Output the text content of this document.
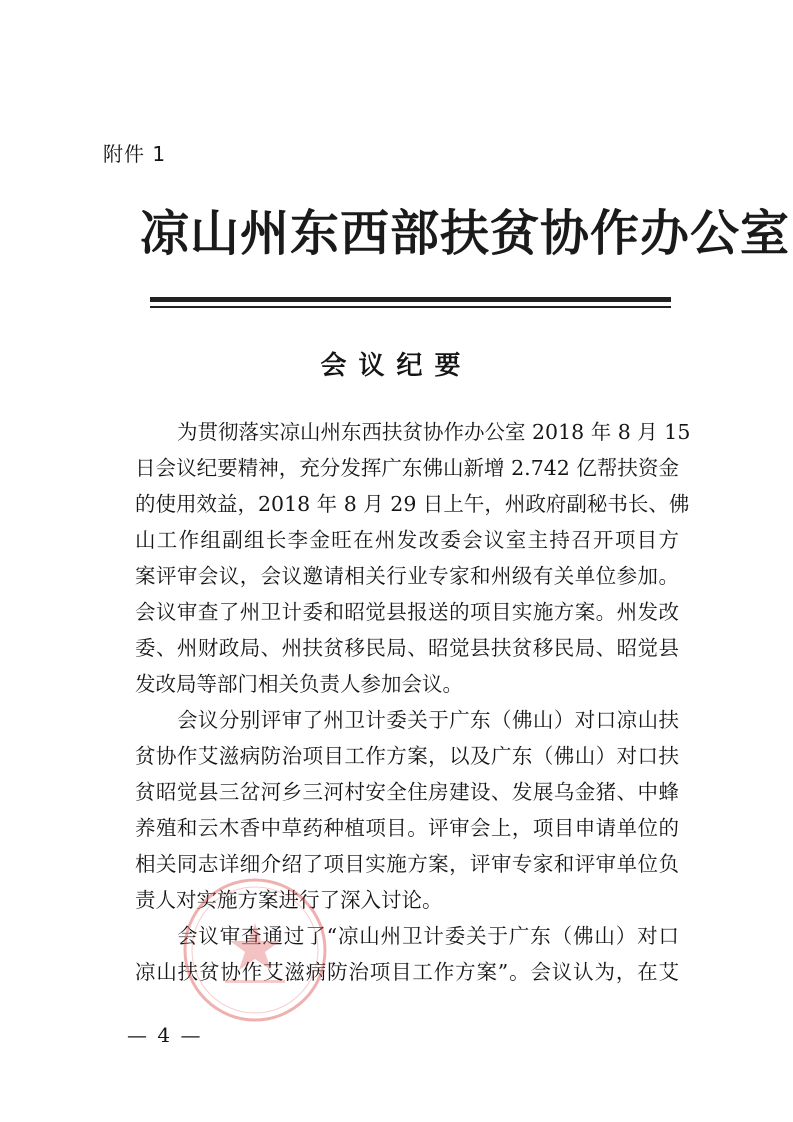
附件 1
凉山州东西部扶贫协作办公室
会议纪要
为贯彻落实凉山州东西扶贫协作办公室 2018 年 8 月 15
日会议纪要精神，充分发挥广东佛山新增 2.742 亿帮扶资金
的使用效益，2018 年 8 月 29 日上午，州政府副秘书长、佛
山工作组副组长李金旺在州发改委会议室主持召开项目方
案评审会议，会议邀请相关行业专家和州级有关单位参加。
会议审查了州卫计委和昭觉县报送的项目实施方案。州发改
委、州财政局、州扶贫移民局、昭觉县扶贫移民局、昭觉县
发改局等部门相关负责人参加会议。
会议分别评审了州卫计委关于广东（佛山）对口凉山扶
贫协作艾滋病防治项目工作方案，以及广东（佛山）对口扶
贫昭觉县三岔河乡三河村安全住房建设、发展乌金猪、中蜂
养殖和云木香中草药种植项目。评审会上，项目申请单位的
相关同志详细介绍了项目实施方案，评审专家和评审单位负
责人对实施方案进行了深入讨论。
会议审查通过了“凉山州卫计委关于广东（佛山）对口
凉山扶贫协作艾滋病防治项目工作方案”。会议认为，在艾
— 4 —
